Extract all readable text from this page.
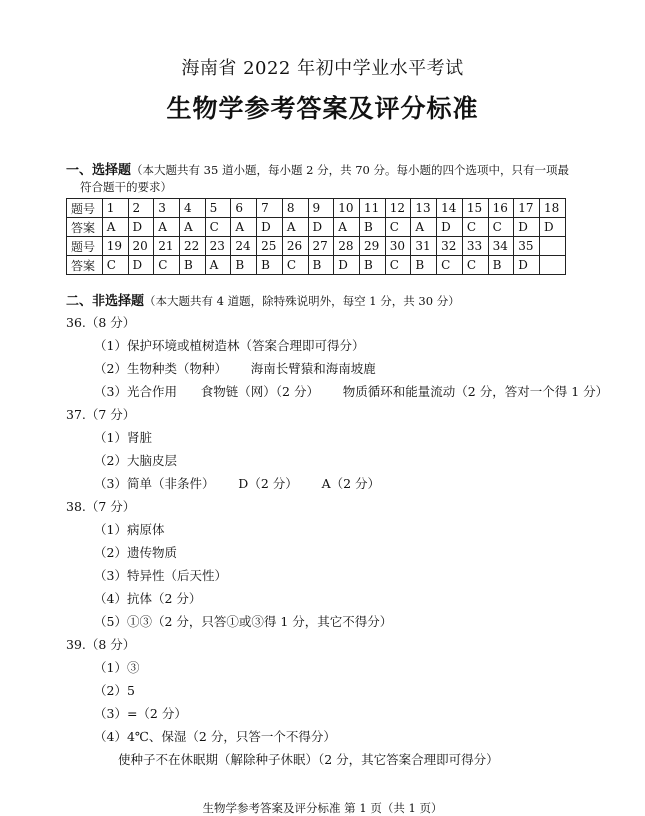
海南省 2022 年初中学业水平考试
生物学参考答案及评分标准
一、选择题（本大题共有 35 道小题，每小题 2 分，共 70 分。每小题的四个选项中，只有一项最
符合题干的要求）
题号	1	2	3	4	5	6	7	8	9	10	11	12	13	14	15	16	17	18
答案	A	D	A	A	C	A	D	A	D	A	B	C	A	D	C	C	D	D
题号	19	20	21	22	23	24	25	26	27	28	29	30	31	32	33	34	35	
答案	C	D	C	B	A	B	B	C	B	D	B	C	B	C	C	B	D	
二、非选择题（本大题共有 4 道题，除特殊说明外，每空 1 分，共 30 分）
36.（8 分）
（1）保护环境或植树造林（答案合理即可得分）
（2）生物种类（物种）      海南长臂猿和海南坡鹿
（3）光合作用      食物链（网）（2 分）      物质循环和能量流动（2 分，答对一个得 1 分）
37.（7 分）
（1）肾脏
（2）大脑皮层
（3）简单（非条件）      D（2 分）      A（2 分）
38.（7 分）
（1）病原体
（2）遗传物质
（3）特异性（后天性）
（4）抗体（2 分）
（5）①③（2 分，只答①或③得 1 分，其它不得分）
39.（8 分）
（1）③
（2）5
（3）=（2 分）
（4）4℃、保湿（2 分，只答一个不得分）
使种子不在休眠期（解除种子休眠）（2 分，其它答案合理即可得分）
生物学参考答案及评分标准 第 1 页（共 1 页）
